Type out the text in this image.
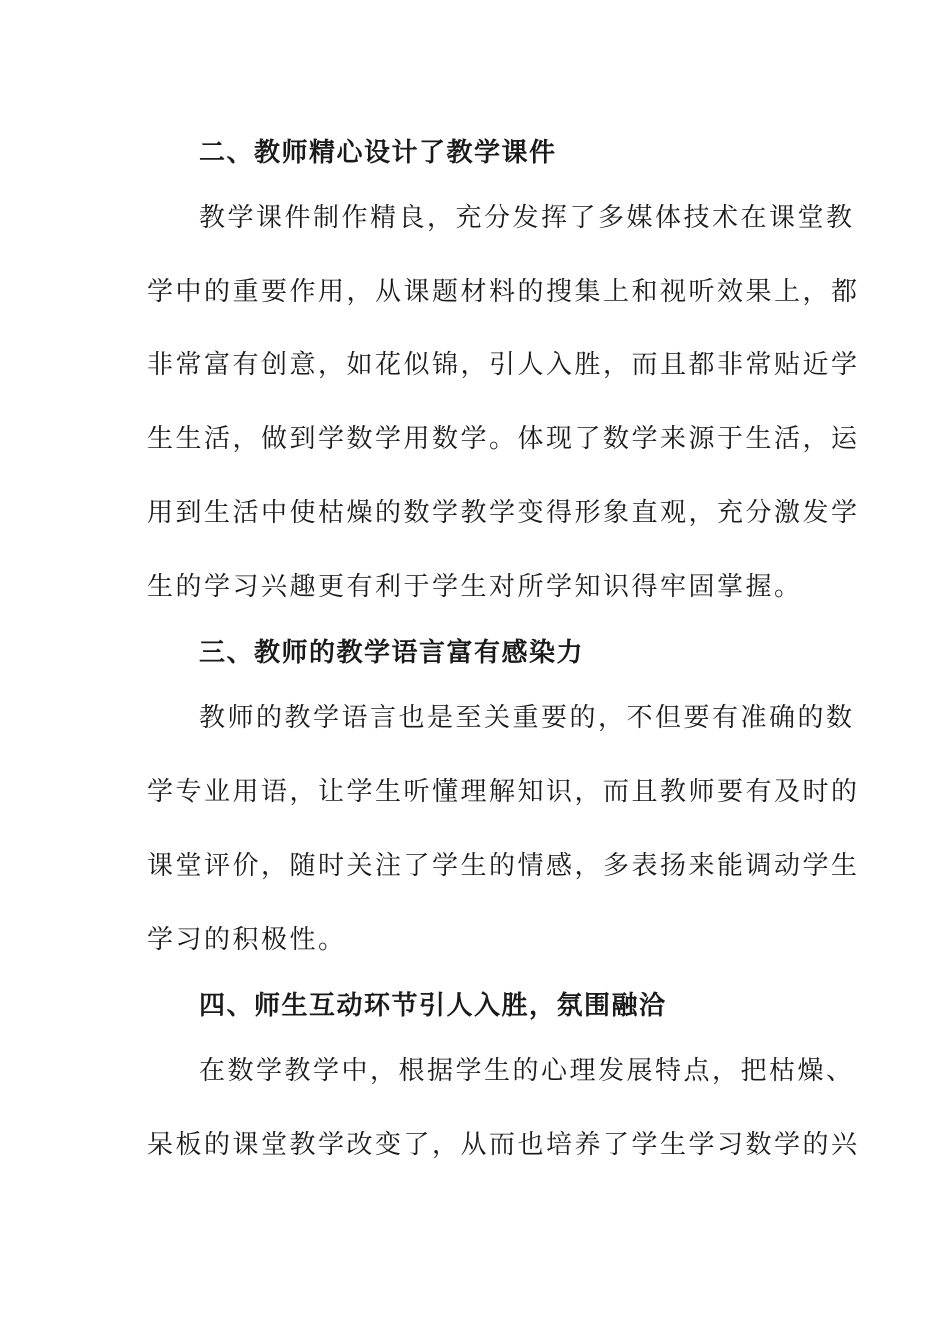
二、教师精心设计了教学课件
教学课件制作精良，充分发挥了多媒体技术在课堂教
学中的重要作用，从课题材料的搜集上和视听效果上，都
非常富有创意，如花似锦，引人入胜，而且都非常贴近学
生生活，做到学数学用数学。体现了数学来源于生活，运
用到生活中使枯燥的数学教学变得形象直观，充分激发学
生的学习兴趣更有利于学生对所学知识得牢固掌握。
三、教师的教学语言富有感染力
教师的教学语言也是至关重要的，不但要有准确的数
学专业用语，让学生听懂理解知识，而且教师要有及时的
课堂评价，随时关注了学生的情感，多表扬来能调动学生
学习的积极性。
四、师生互动环节引人入胜，氛围融洽
在数学教学中，根据学生的心理发展特点，把枯燥、
呆板的课堂教学改变了，从而也培养了学生学习数学的兴
